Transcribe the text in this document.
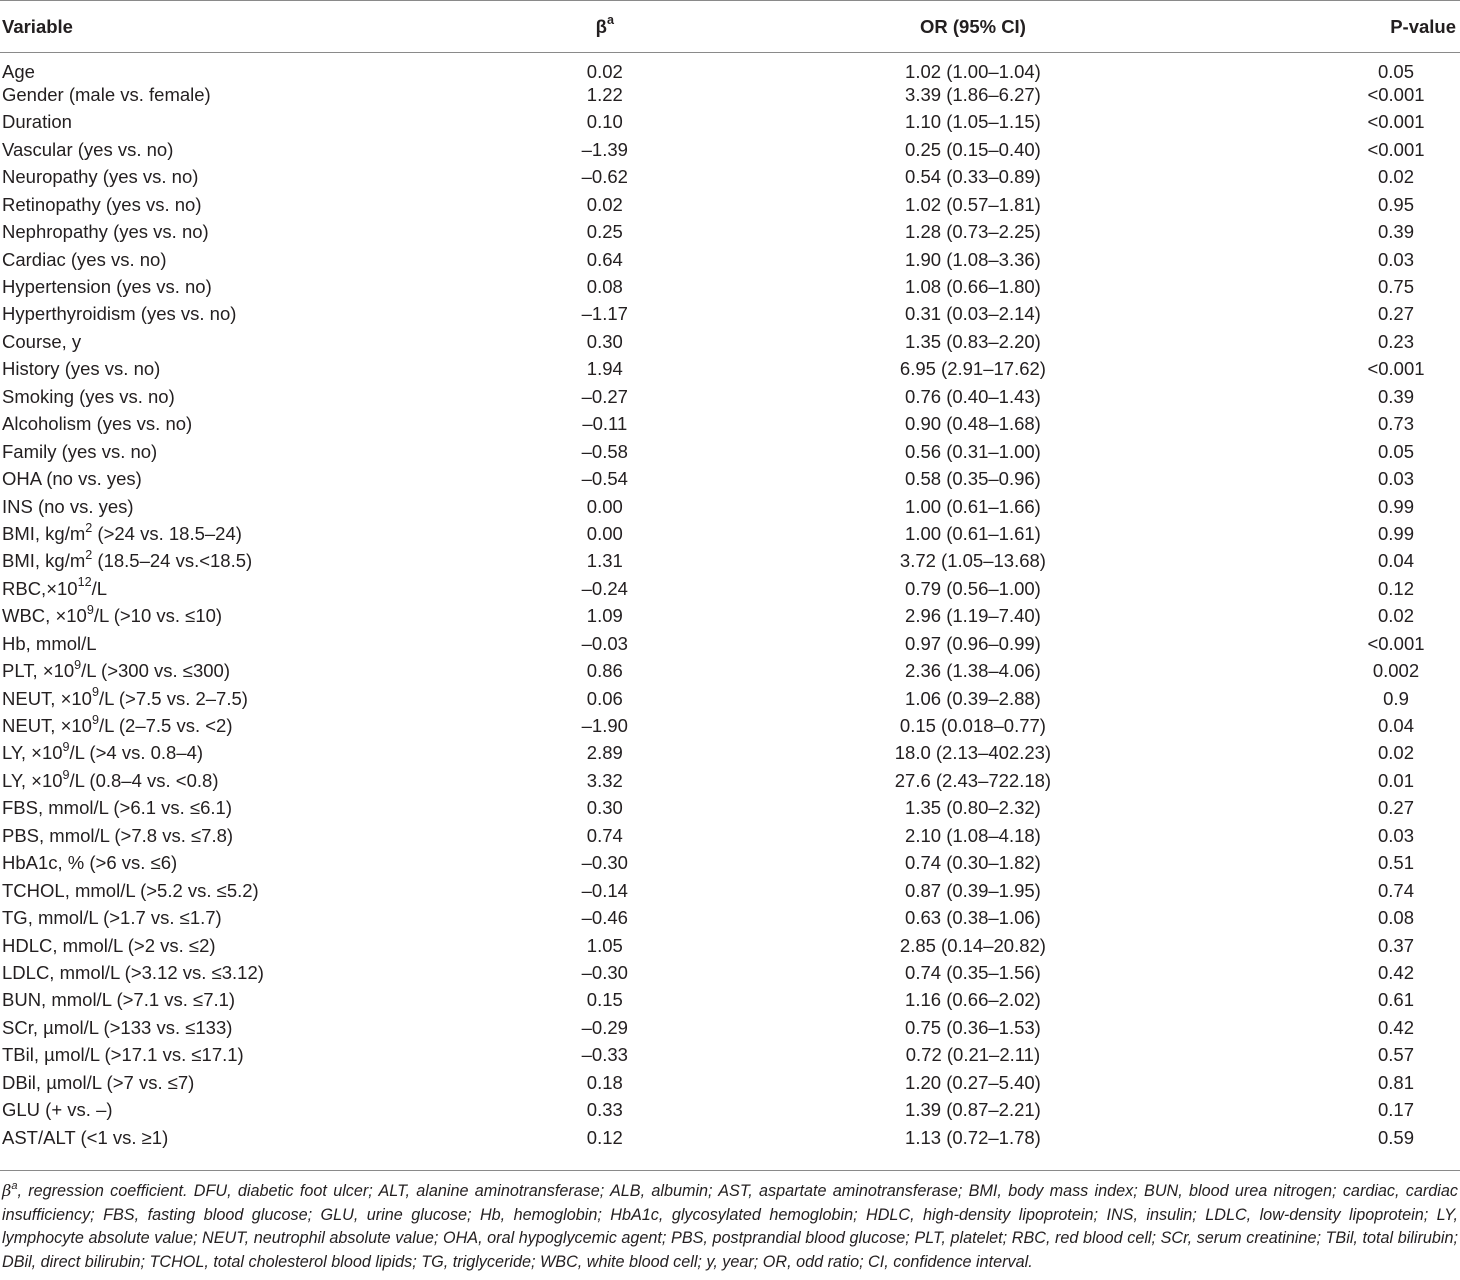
Variable	$\beta^a$	OR (95% CI)	P-value
Age	0.02	1.02 (1.00–1.04)	0.05
Gender (male vs. female)	1.22	3.39 (1.86–6.27)	<0.001
Duration	0.10	1.10 (1.05–1.15)	<0.001
Vascular (yes vs. no)	–1.39	0.25 (0.15–0.40)	<0.001
Neuropathy (yes vs. no)	–0.62	0.54 (0.33–0.89)	0.02
Retinopathy (yes vs. no)	0.02	1.02 (0.57–1.81)	0.95
Nephropathy (yes vs. no)	0.25	1.28 (0.73–2.25)	0.39
Cardiac (yes vs. no)	0.64	1.90 (1.08–3.36)	0.03
Hypertension (yes vs. no)	0.08	1.08 (0.66–1.80)	0.75
Hyperthyroidism (yes vs. no)	–1.17	0.31 (0.03–2.14)	0.27
Course, y	0.30	1.35 (0.83–2.20)	0.23
History (yes vs. no)	1.94	6.95 (2.91–17.62)	<0.001
Smoking (yes vs. no)	–0.27	0.76 (0.40–1.43)	0.39
Alcoholism (yes vs. no)	–0.11	0.90 (0.48–1.68)	0.73
Family (yes vs. no)	–0.58	0.56 (0.31–1.00)	0.05
OHA (no vs. yes)	–0.54	0.58 (0.35–0.96)	0.03
INS (no vs. yes)	0.00	1.00 (0.61–1.66)	0.99
BMI, $kg/m^2$ (>24 vs. 18.5–24)	0.00	1.00 (0.61–1.61)	0.99
BMI, $kg/m^2$ (18.5–24 vs.<18.5)	1.31	3.72 (1.05–13.68)	0.04
$RBC,\times 10^{12}/L$	–0.24	0.79 (0.56–1.00)	0.12
WBC, $\times 10^9/L$ (>10 vs. ≤10)	1.09	2.96 (1.19–7.40)	0.02
Hb, mmol/L	–0.03	0.97 (0.96–0.99)	<0.001
PLT, $\times 10^9/L$ (>300 vs. ≤300)	0.86	2.36 (1.38–4.06)	0.002
NEUT, $\times 10^9/L$ (>7.5 vs. 2–7.5)	0.06	1.06 (0.39–2.88)	0.9
NEUT, $\times 10^9/L$ (2–7.5 vs. <2)	–1.90	0.15 (0.018–0.77)	0.04
LY, $\times 10^9/L$ (>4 vs. 0.8–4)	2.89	18.0 (2.13–402.23)	0.02
LY, $\times 10^9/L$ (0.8–4 vs. <0.8)	3.32	27.6 (2.43–722.18)	0.01
FBS, mmol/L (>6.1 vs. ≤6.1)	0.30	1.35 (0.80–2.32)	0.27
PBS, mmol/L (>7.8 vs. ≤7.8)	0.74	2.10 (1.08–4.18)	0.03
HbA1c, % (>6 vs. ≤6)	–0.30	0.74 (0.30–1.82)	0.51
TCHOL, mmol/L (>5.2 vs. ≤5.2)	–0.14	0.87 (0.39–1.95)	0.74
TG, mmol/L (>1.7 vs. ≤1.7)	–0.46	0.63 (0.38–1.06)	0.08
HDLC, mmol/L (>2 vs. ≤2)	1.05	2.85 (0.14–20.82)	0.37
LDLC, mmol/L (>3.12 vs. ≤3.12)	–0.30	0.74 (0.35–1.56)	0.42
BUN, mmol/L (>7.1 vs. ≤7.1)	0.15	1.16 (0.66–2.02)	0.61
SCr, µmol/L (>133 vs. ≤133)	–0.29	0.75 (0.36–1.53)	0.42
TBil, µmol/L (>17.1 vs. ≤17.1)	–0.33	0.72 (0.21–2.11)	0.57
DBil, µmol/L (>7 vs. ≤7)	0.18	1.20 (0.27–5.40)	0.81
GLU (+ vs. –)	0.33	1.39 (0.87–2.21)	0.17
AST/ALT (<1 vs. ≥1)	0.12	1.13 (0.72–1.78)	0.59
$\beta^a$, regression coefficient. DFU, diabetic foot ulcer; ALT, alanine aminotransferase; ALB, albumin; AST, aspartate aminotransferase; BMI, body mass index; BUN, blood urea nitrogen; cardiac, cardiac insufficiency; FBS, fasting blood glucose; GLU, urine glucose; Hb, hemoglobin; HbA1c, glycosylated hemoglobin; HDLC, high-density lipoprotein; INS, insulin; LDLC, low-density lipoprotein; LY, lymphocyte absolute value; NEUT, neutrophil absolute value; OHA, oral hypoglycemic agent; PBS, postprandial blood glucose; PLT, platelet; RBC, red blood cell; SCr, serum creatinine; TBil, total bilirubin; DBil, direct bilirubin; TCHOL, total cholesterol blood lipids; TG, triglyceride; WBC, white blood cell; y, year; OR, odd ratio; CI, confidence interval.
